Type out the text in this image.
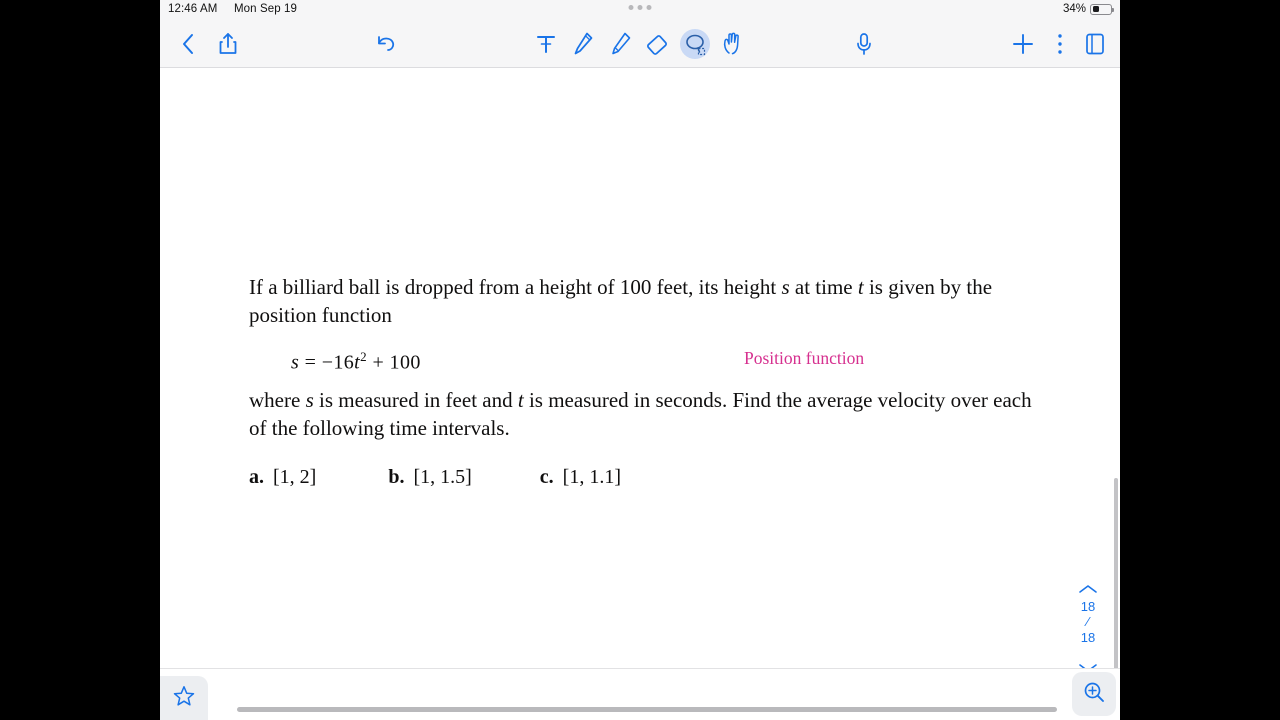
12:46 AM Mon Sep 19	34%
If a billiard ball is dropped from a height of 100 feet, its height s at time t is given by the position function
$s = -16t^2 + 100$	Position function
where s is measured in feet and t is measured in seconds. Find the average velocity over each of the following time intervals.
a. [1, 2]	b. [1, 1.5]	c. [1, 1.1]
18
⁄
18
